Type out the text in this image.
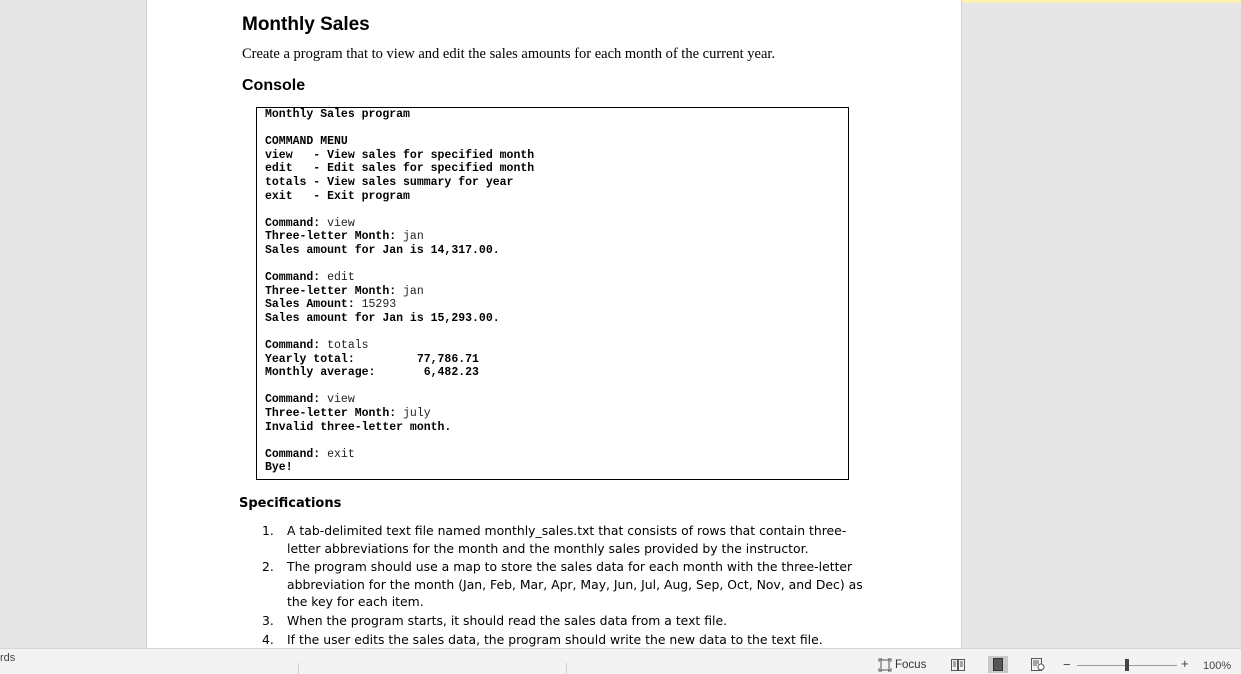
Monthly Sales
Create a program that to view and edit the sales amounts for each month of the current year.
Console
Monthly Sales program
COMMAND MENU
view   - View sales for specified month
edit   - Edit sales for specified month
totals - View sales summary for year
exit   - Exit program
Command: view
Three-letter Month: jan
Sales amount for Jan is 14,317.00.
Command: edit
Three-letter Month: jan
Sales Amount: 15293
Sales amount for Jan is 15,293.00.
Command: totals
Yearly total:         77,786.71
Monthly average:       6,482.23
Command: view
Three-letter Month: july
Invalid three-letter month.
Command: exit
Bye!
Specifications
1. A tab-delimited text file named monthly_sales.txt that consists of rows that contain three-letter abbreviations for the month and the monthly sales provided by the instructor.
2. The program should use a map to store the sales data for each month with the three-letter abbreviation for the month (Jan, Feb, Mar, Apr, May, Jun, Jul, Aug, Sep, Oct, Nov, and Dec) as the key for each item.
3. When the program starts, it should read the sales data from a text file.
4. If the user edits the sales data, the program should write the new data to the text file.
rds
Focus	−	+ 100%
